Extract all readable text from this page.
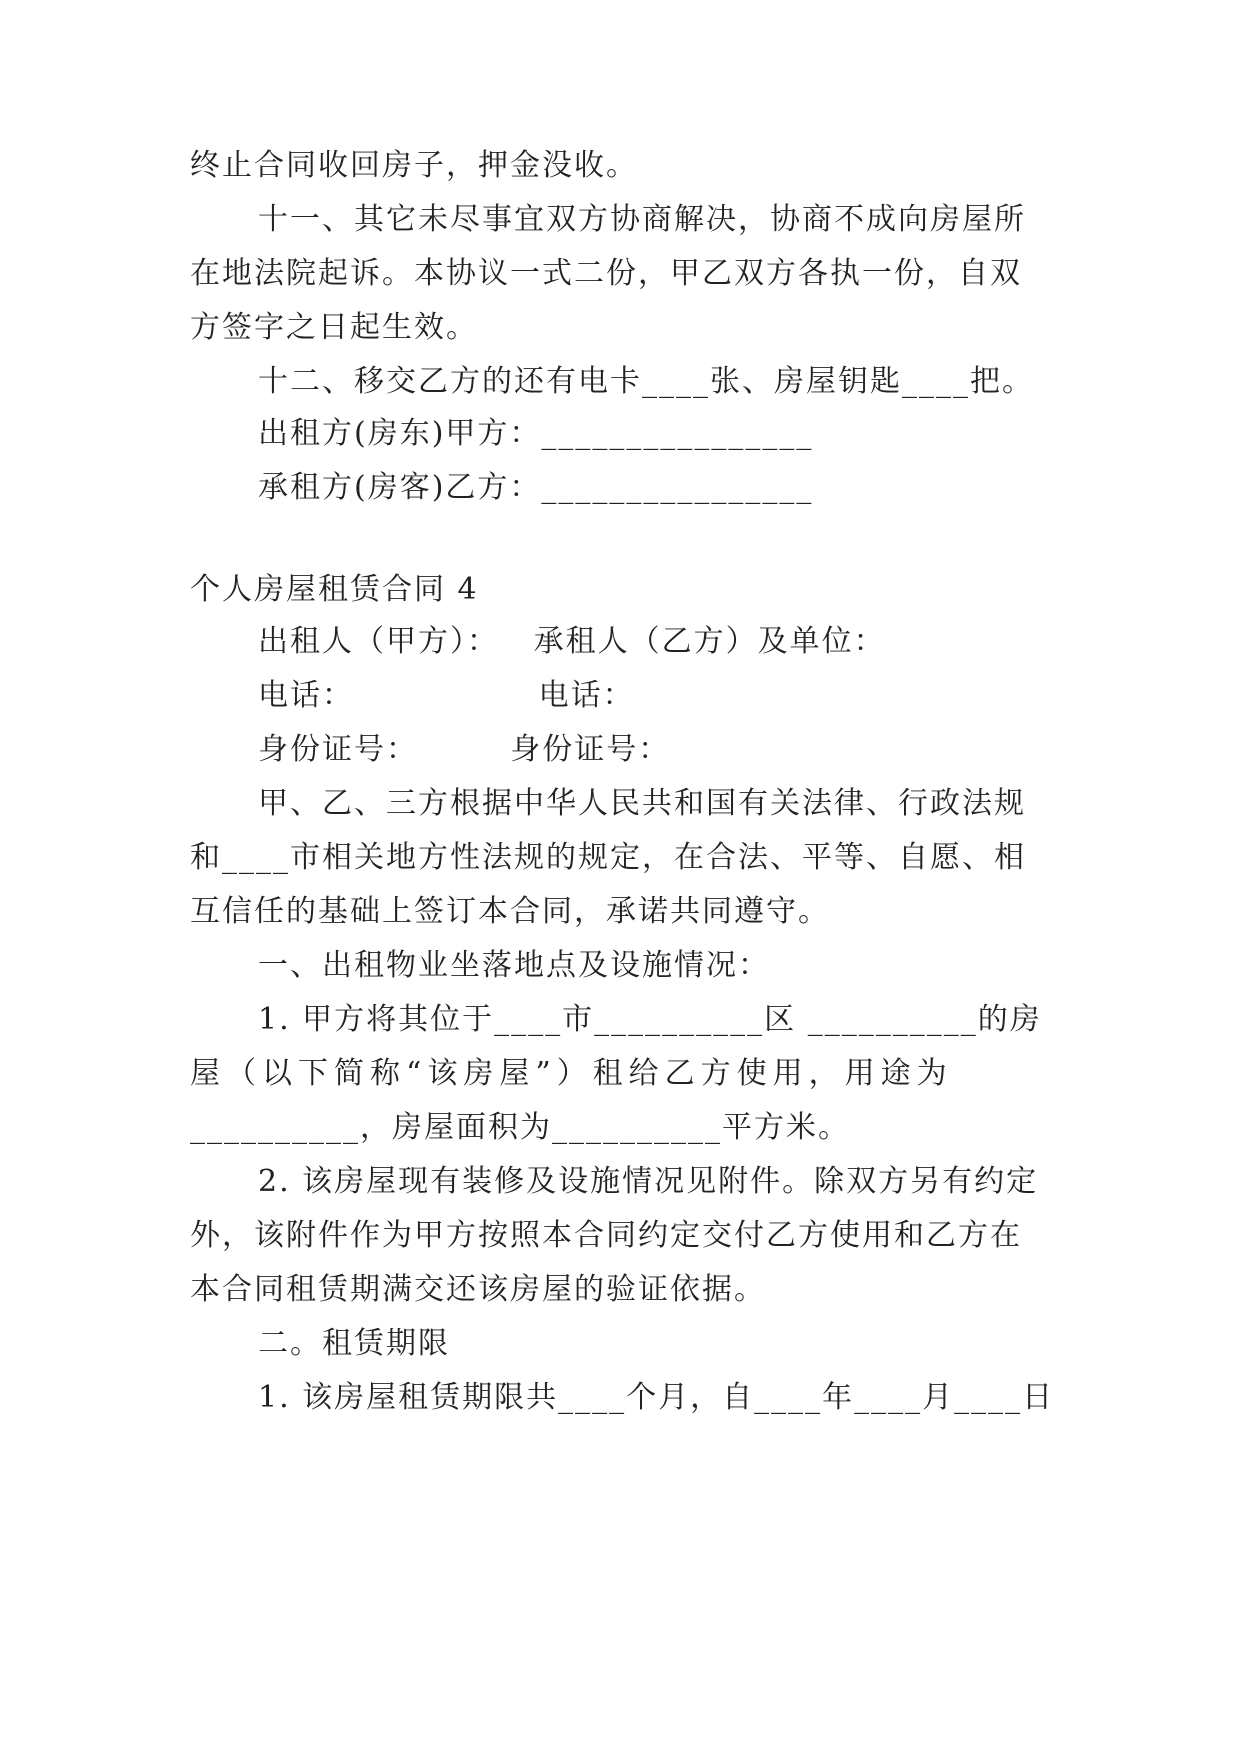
终止合同收回房子，押金没收。
十一、其它未尽事宜双方协商解决，协商不成向房屋所
在地法院起诉。本协议一式二份，甲乙双方各执一份，自双
方签字之日起生效。
十二、移交乙方的还有电卡____张、房屋钥匙____把。
出租方(房东)甲方：________________
承租方(房客)乙方：________________
个人房屋租赁合同 4
出租人（甲方）：   承租人（乙方）及单位：
电话：                电话：
身份证号：        身份证号：
甲、乙、三方根据中华人民共和国有关法律、行政法规
和____市相关地方性法规的规定，在合法、平等、自愿、相
互信任的基础上签订本合同，承诺共同遵守。
一、出租物业坐落地点及设施情况：
1. 甲方将其位于____市__________区 __________的房
屋（以下简称“该房屋”）租给乙方使用，用途为
__________，房屋面积为__________平方米。
2. 该房屋现有装修及设施情况见附件。除双方另有约定
外，该附件作为甲方按照本合同约定交付乙方使用和乙方在
本合同租赁期满交还该房屋的验证依据。
二。租赁期限
1. 该房屋租赁期限共____个月，自____年____月____日
